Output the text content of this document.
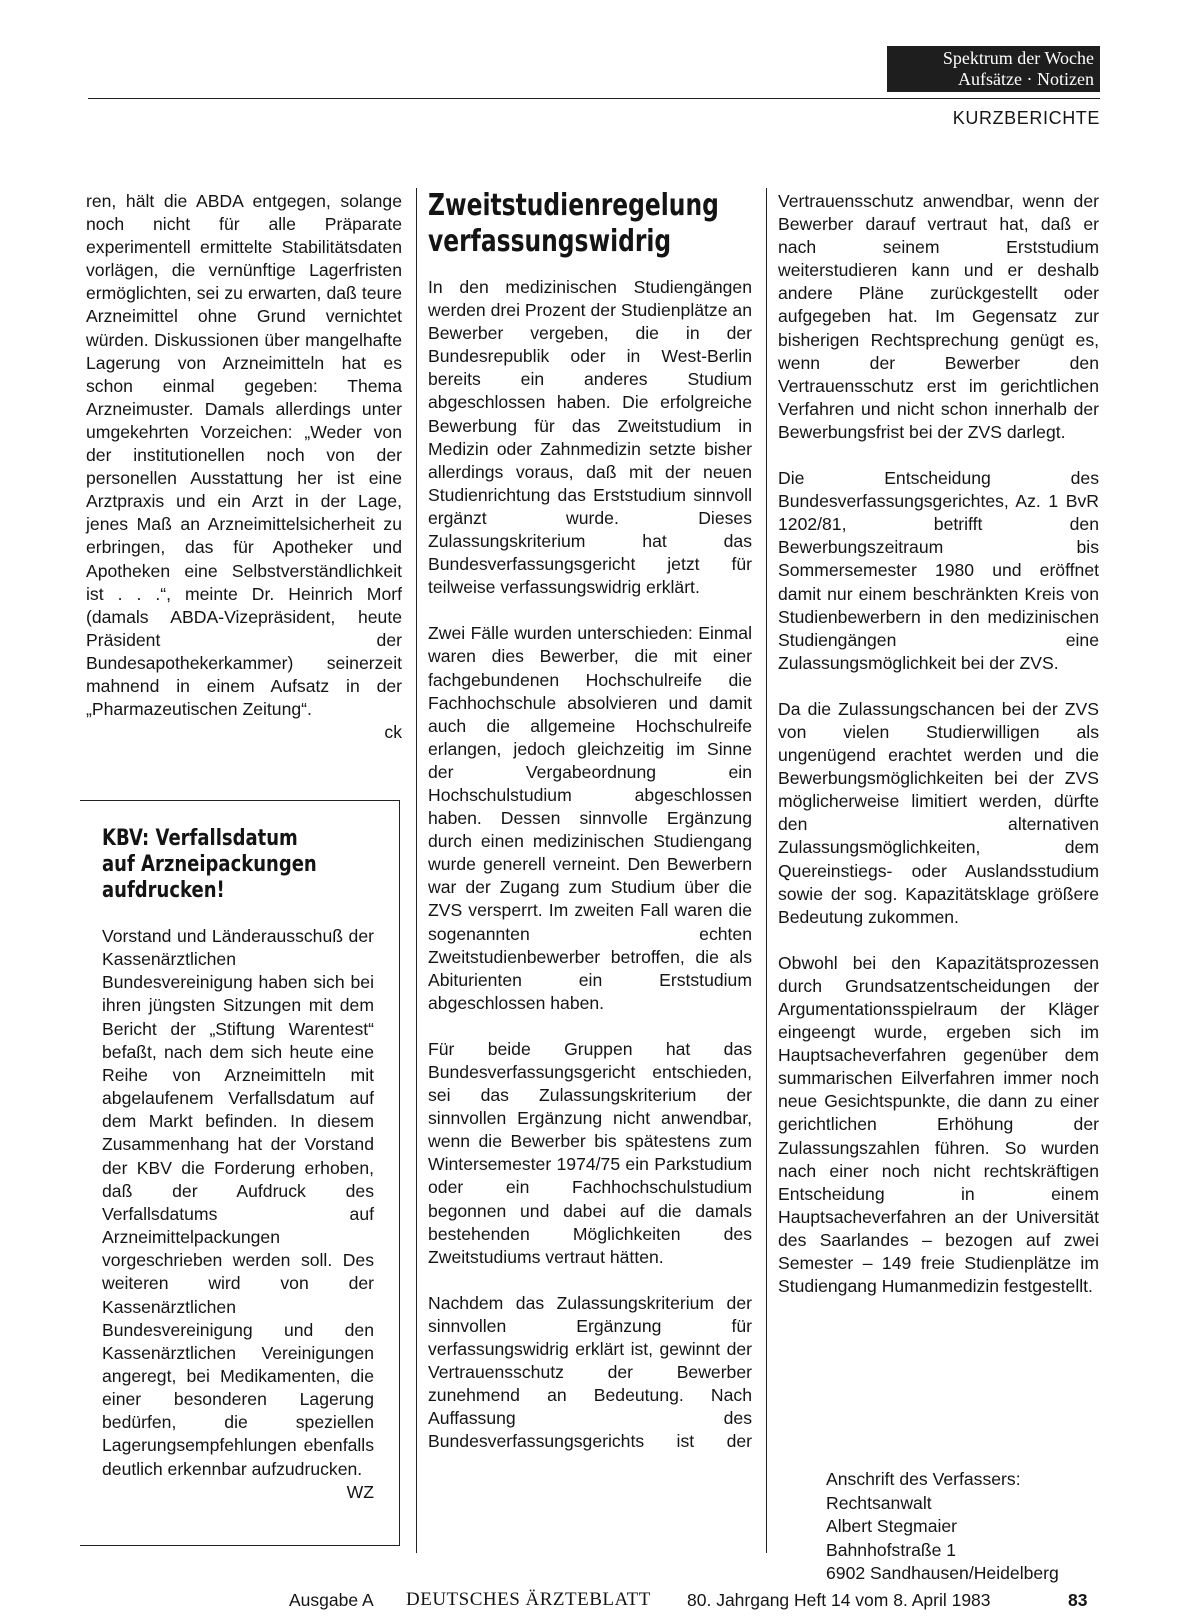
Spektrum der Woche
Aufsätze · Notizen
KURZBERICHTE

ren, hält die ABDA entgegen, solange noch nicht für alle Präparate experimentell ermittelte Stabilitätsdaten vorlägen, die vernünftige Lagerfristen ermöglichten, sei zu erwarten, daß teure Arzneimittel ohne Grund vernichtet würden. Diskussionen über mangelhafte Lagerung von Arzneimitteln hat es schon einmal gegeben: Thema Arzneimuster. Damals allerdings unter umgekehrten Vorzeichen: „Weder von der institutionellen noch von der personellen Ausstattung her ist eine Arztpraxis und ein Arzt in der Lage, jenes Maß an Arzneimittelsicherheit zu erbringen, das für Apotheker und Apotheken eine Selbstverständlichkeit ist . . .“, meinte Dr. Heinrich Morf (damals ABDA-Vizepräsident, heute Präsident der Bundesapothekerkammer) seinerzeit mahnend in einem Aufsatz in der „Pharmazeutischen Zeitung“.
ck

KBV: Verfallsdatum
auf Arzneipackungen
aufdrucken!

Vorstand und Länderausschuß der Kassenärztlichen Bundesvereinigung haben sich bei ihren jüngsten Sitzungen mit dem Bericht der „Stiftung Warentest“ befaßt, nach dem sich heute eine Reihe von Arzneimitteln mit abgelaufenem Verfallsdatum auf dem Markt befinden. In diesem Zusammenhang hat der Vorstand der KBV die Forderung erhoben, daß der Aufdruck des Verfallsdatums auf Arzneimittelpackungen vorgeschrieben werden soll. Des weiteren wird von der Kassenärztlichen Bundesvereinigung und den Kassenärztlichen Vereinigungen angeregt, bei Medikamenten, die einer besonderen Lagerung bedürfen, die speziellen Lagerungsempfehlungen ebenfalls deutlich erkennbar aufzudrucken.
WZ

Zweitstudienregelung
verfassungswidrig

In den medizinischen Studiengängen werden drei Prozent der Studienplätze an Bewerber vergeben, die in der Bundesrepublik oder in West-Berlin bereits ein anderes Studium abgeschlossen haben. Die erfolgreiche Bewerbung für das Zweitstudium in Medizin oder Zahnmedizin setzte bisher allerdings voraus, daß mit der neuen Studienrichtung das Erststudium sinnvoll ergänzt wurde. Dieses Zulassungskriterium hat das Bundesverfassungsgericht jetzt für teilweise verfassungswidrig erklärt.

Zwei Fälle wurden unterschieden: Einmal waren dies Bewerber, die mit einer fachgebundenen Hochschulreife die Fachhochschule absolvieren und damit auch die allgemeine Hochschulreife erlangen, jedoch gleichzeitig im Sinne der Vergabeordnung ein Hochschulstudium abgeschlossen haben. Dessen sinnvolle Ergänzung durch einen medizinischen Studiengang wurde generell verneint. Den Bewerbern war der Zugang zum Studium über die ZVS versperrt. Im zweiten Fall waren die sogenannten echten Zweitstudienbewerber betroffen, die als Abiturienten ein Erststudium abgeschlossen haben.

Für beide Gruppen hat das Bundesverfassungsgericht entschieden, sei das Zulassungskriterium der sinnvollen Ergänzung nicht anwendbar, wenn die Bewerber bis spätestens zum Wintersemester 1974/75 ein Parkstudium oder ein Fachhochschulstudium begonnen und dabei auf die damals bestehenden Möglichkeiten des Zweitstudiums vertraut hätten.

Nachdem das Zulassungskriterium der sinnvollen Ergänzung für verfassungswidrig erklärt ist, gewinnt der Vertrauensschutz der Bewerber zunehmend an Bedeutung. Nach Auffassung des Bundesverfassungsgerichts ist der

Vertrauensschutz anwendbar, wenn der Bewerber darauf vertraut hat, daß er nach seinem Erststudium weiterstudieren kann und er deshalb andere Pläne zurückgestellt oder aufgegeben hat. Im Gegensatz zur bisherigen Rechtsprechung genügt es, wenn der Bewerber den Vertrauensschutz erst im gerichtlichen Verfahren und nicht schon innerhalb der Bewerbungsfrist bei der ZVS darlegt.

Die Entscheidung des Bundesverfassungsgerichtes, Az. 1 BvR 1202/81, betrifft den Bewerbungszeitraum bis Sommersemester 1980 und eröffnet damit nur einem beschränkten Kreis von Studienbewerbern in den medizinischen Studiengängen eine Zulassungsmöglichkeit bei der ZVS.

Da die Zulassungschancen bei der ZVS von vielen Studierwilligen als ungenügend erachtet werden und die Bewerbungsmöglichkeiten bei der ZVS möglicherweise limitiert werden, dürfte den alternativen Zulassungsmöglichkeiten, dem Quereinstiegs- oder Auslandsstudium sowie der sog. Kapazitätsklage größere Bedeutung zukommen.

Obwohl bei den Kapazitätsprozessen durch Grundsatzentscheidungen der Argumentationsspielraum der Kläger eingeengt wurde, ergeben sich im Hauptsacheverfahren gegenüber dem summarischen Eilverfahren immer noch neue Gesichtspunkte, die dann zu einer gerichtlichen Erhöhung der Zulassungszahlen führen. So wurden nach einer noch nicht rechtskräftigen Entscheidung in einem Hauptsacheverfahren an der Universität des Saarlandes – bezogen auf zwei Semester – 149 freie Studienplätze im Studiengang Humanmedizin festgestellt.

Anschrift des Verfassers:
Rechtsanwalt
Albert Stegmaier
Bahnhofstraße 1
6902 Sandhausen/Heidelberg
Ausgabe A DEUTSCHES ÄRZTEBLATT 80. Jahrgang Heft 14 vom 8. April 1983	83
